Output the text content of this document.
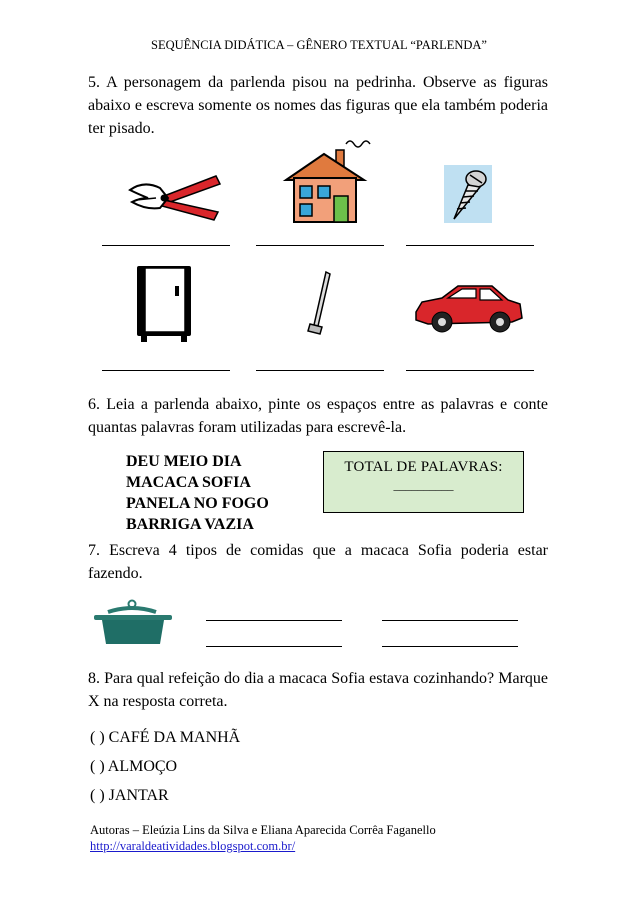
SEQUÊNCIA DIDÁTICA – GÊNERO TEXTUAL “PARLENDA”
5. A personagem da parlenda pisou na pedrinha. Observe as figuras abaixo e escreva somente os nomes das figuras que ela também poderia ter pisado.
6. Leia a parlenda abaixo, pinte os espaços entre as palavras e conte quantas palavras foram utilizadas para escrevê-la.
DEU MEIO DIA
MACACA SOFIA
PANELA NO FOGO
BARRIGA VAZIA
TOTAL DE PALAVRAS:
__________
7. Escreva 4 tipos de comidas que a macaca Sofia poderia estar fazendo.
8. Para qual refeição do dia a macaca Sofia estava cozinhando? Marque X na resposta correta.
( ) CAFÉ DA MANHÃ
( ) ALMOÇO
( ) JANTAR
Autoras – Eleúzia Lins da Silva e Eliana Aparecida Corrêa Faganello
http://varaldeatividades.blogspot.com.br/
